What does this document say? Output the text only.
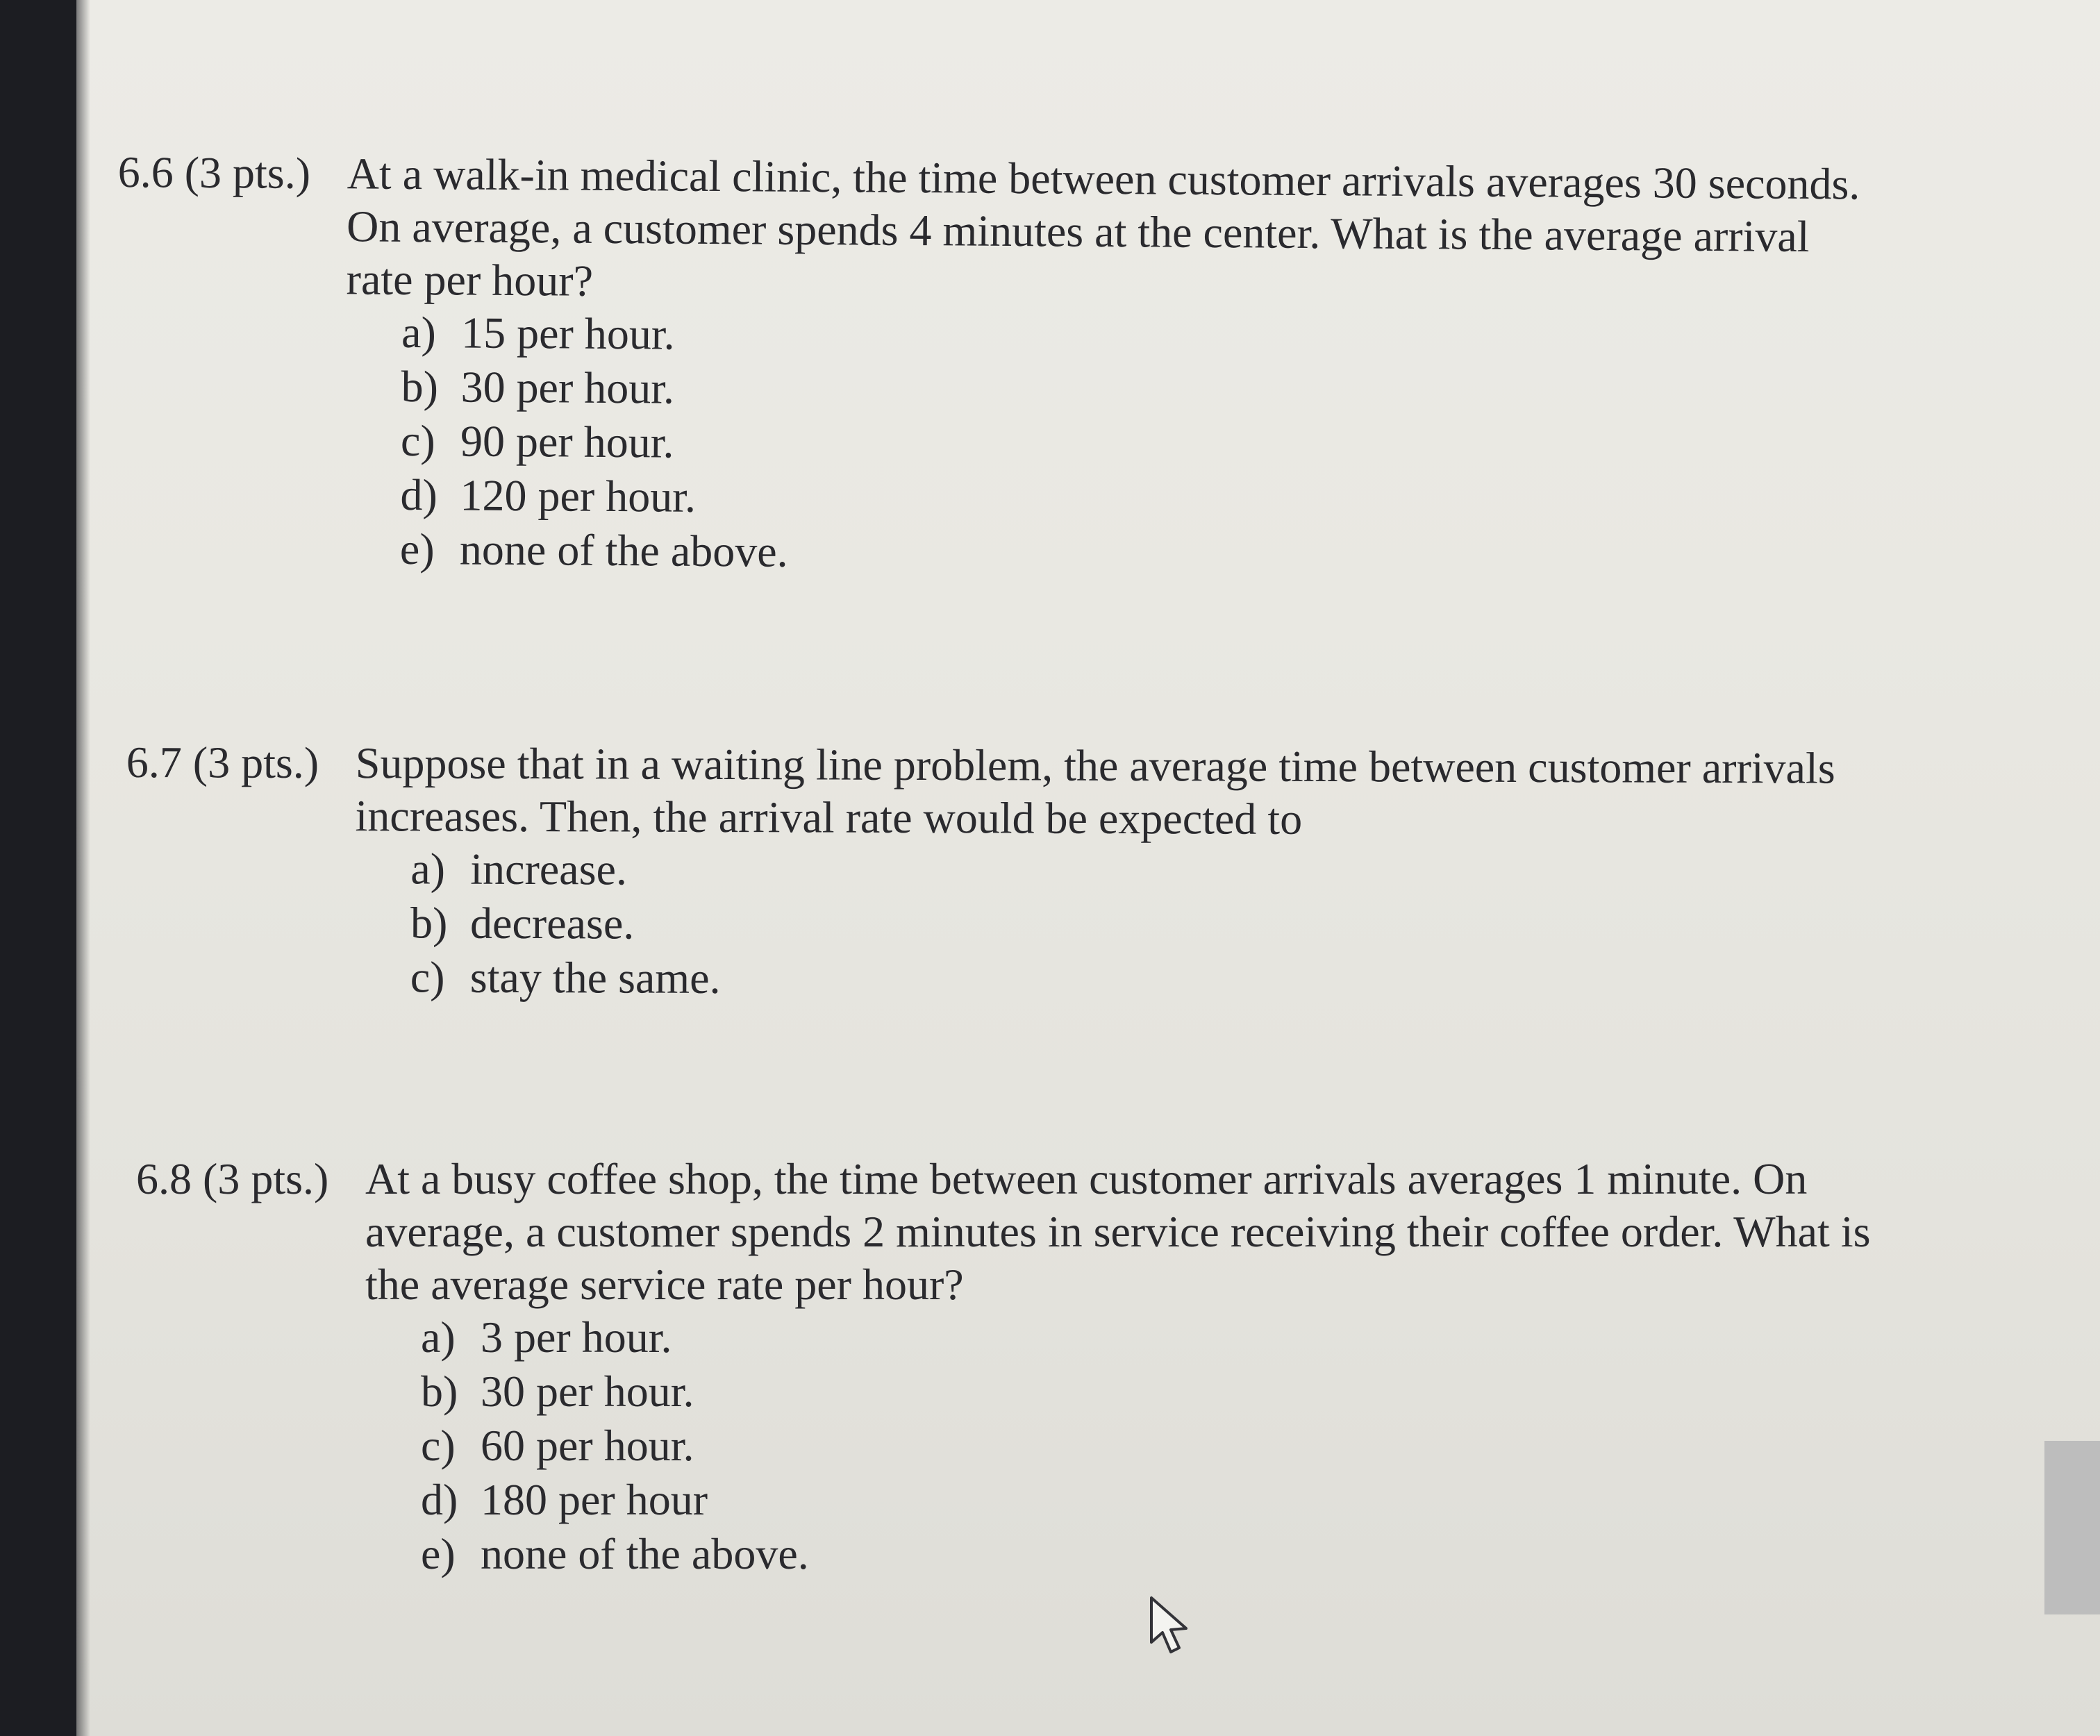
6.6 (3 pts.) At a walk-in medical clinic, the time between customer arrivals averages 30 seconds.
On average, a customer spends 4 minutes at the center. What is the average arrival
rate per hour?
a) 15 per hour.
b) 30 per hour.
c) 90 per hour.
d) 120 per hour.
e) none of the above.
6.7 (3 pts.) Suppose that in a waiting line problem, the average time between customer arrivals
increases. Then, the arrival rate would be expected to
a) increase.
b) decrease.
c) stay the same.
6.8 (3 pts.) At a busy coffee shop, the time between customer arrivals averages 1 minute. On
average, a customer spends 2 minutes in service receiving their coffee order. What is
the average service rate per hour?
a) 3 per hour.
b) 30 per hour.
c) 60 per hour.
d) 180 per hour
e) none of the above.
